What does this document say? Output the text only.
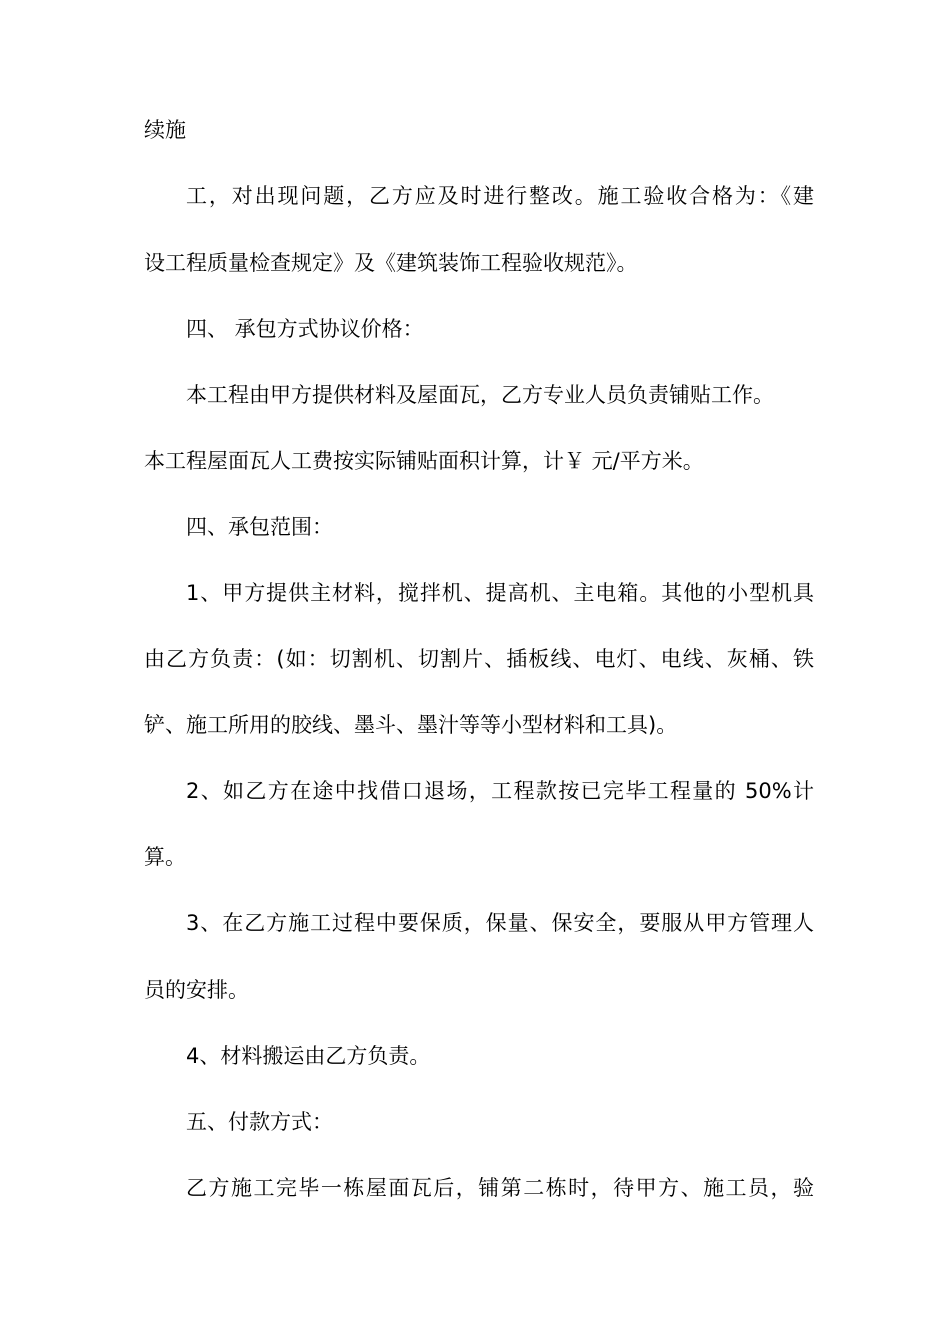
续施
工，对出现问题，乙方应及时进行整改。施工验收合格为：《建
设工程质量检查规定》及《建筑装饰工程验收规范》。
四、 承包方式协议价格：
本工程由甲方提供材料及屋面瓦，乙方专业人员负责铺贴工作。
本工程屋面瓦人工费按实际铺贴面积计算，计￥ 元/平方米。
四、承包范围：
1、甲方提供主材料，搅拌机、提高机、主电箱。其他的小型机具
由乙方负责：(如：切割机、切割片、插板线、电灯、电线、灰桶、铁
铲、施工所用的胶线、墨斗、墨汁等等小型材料和工具)。
2、如乙方在途中找借口退场，工程款按已完毕工程量的 50%计
算。
3、在乙方施工过程中要保质，保量、保安全，要服从甲方管理人
员的安排。
4、材料搬运由乙方负责。
五、付款方式：
乙方施工完毕一栋屋面瓦后，铺第二栋时，待甲方、施工员，验
